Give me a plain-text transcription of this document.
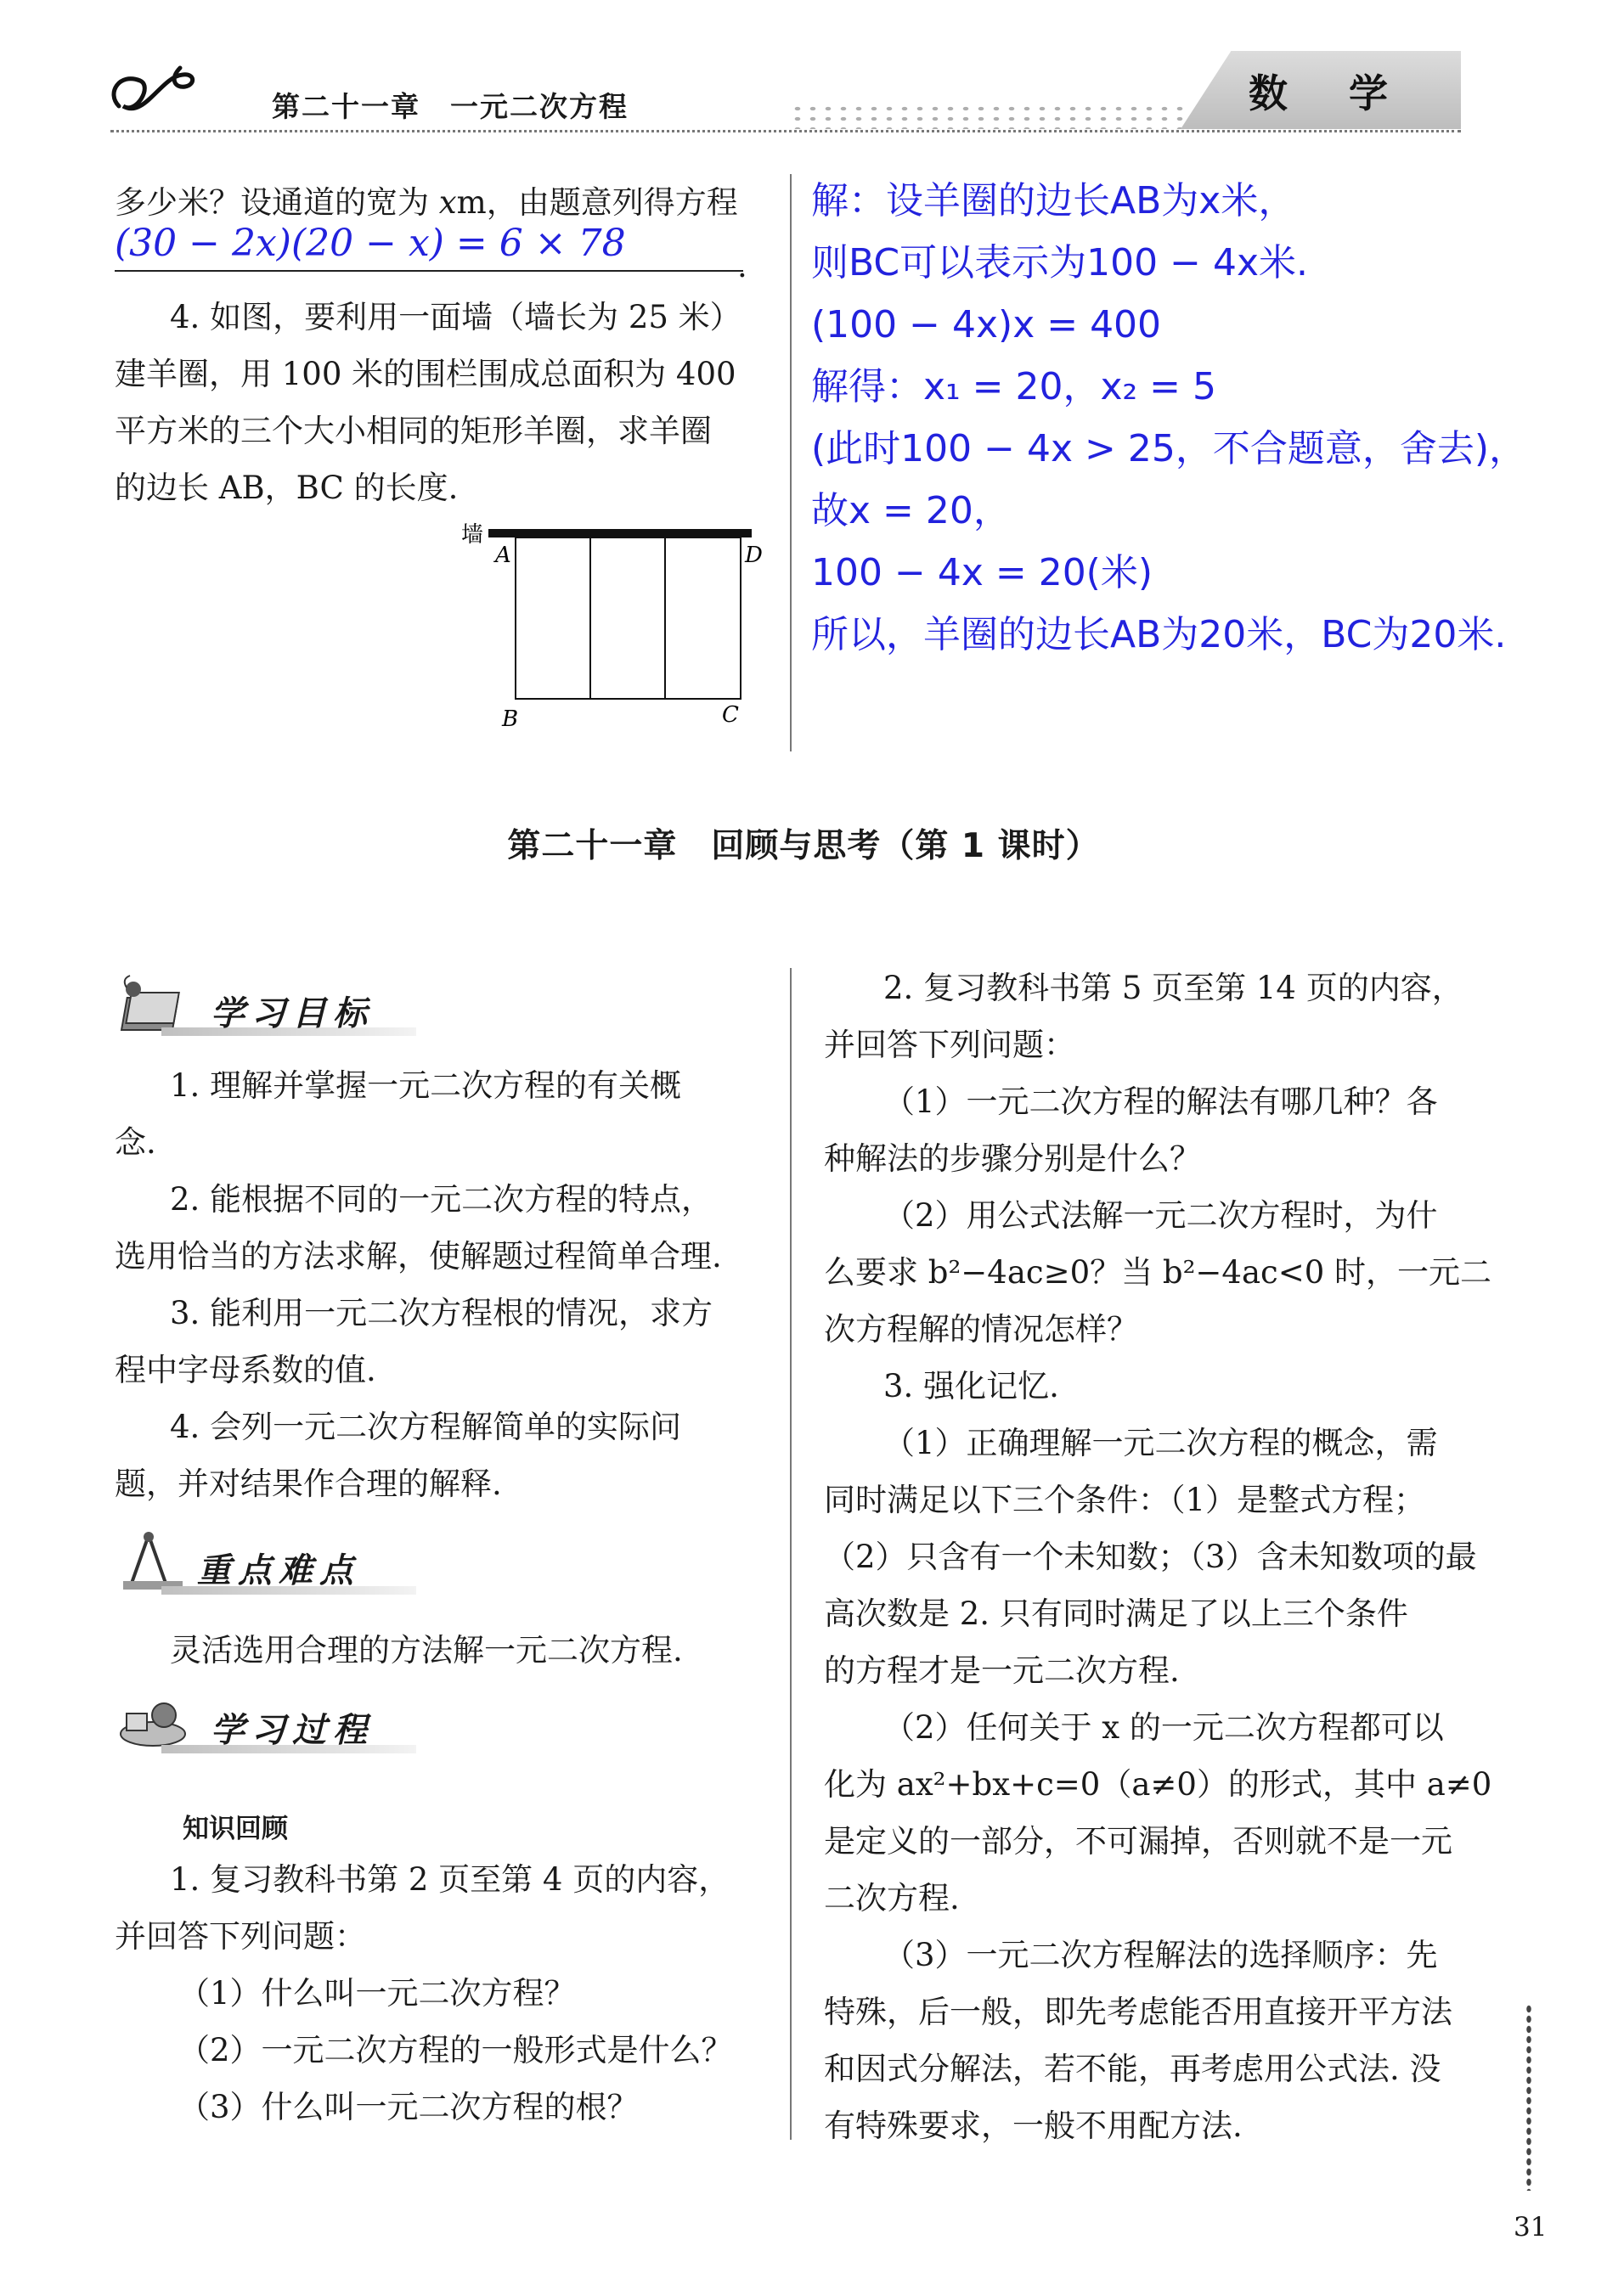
第二十一章　一元二次方程	数 学
多少米？设通道的宽为 xm，由题意列得方程
(30 − 2x)(20 − x) = 6 × 78
.
4. 如图，要利用一面墙（墙长为 25 米）
建羊圈，用 100 米的围栏围成总面积为 400
平方米的三个大小相同的矩形羊圈，求羊圈
的边长 AB，BC 的长度.
墙
A	D
B	C
解：设羊圈的边长AB为x米，
则BC可以表示为100 − 4x米.
(100 − 4x)x = 400
解得：x₁ = 20，x₂ = 5
(此时100 − 4x > 25，不合题意，舍去)，
故x = 20，
100 − 4x = 20(米)
所以，羊圈的边长AB为20米，BC为20米.
第二十一章　回顾与思考（第 1 课时）
学习目标
1. 理解并掌握一元二次方程的有关概
念.
2. 能根据不同的一元二次方程的特点，
选用恰当的方法求解，使解题过程简单合理.
3. 能利用一元二次方程根的情况，求方
程中字母系数的值.
4. 会列一元二次方程解简单的实际问
题，并对结果作合理的解释.
重点难点
灵活选用合理的方法解一元二次方程.
学习过程
知识回顾
1. 复习教科书第 2 页至第 4 页的内容，
并回答下列问题：
（1）什么叫一元二次方程？
（2）一元二次方程的一般形式是什么？
（3）什么叫一元二次方程的根？
2. 复习教科书第 5 页至第 14 页的内容，
并回答下列问题：
（1）一元二次方程的解法有哪几种？各
种解法的步骤分别是什么？
（2）用公式法解一元二次方程时，为什
么要求 b²−4ac≥0？当 b²−4ac<0 时，一元二
次方程解的情况怎样？
3. 强化记忆.
（1）正确理解一元二次方程的概念，需
同时满足以下三个条件：（1）是整式方程；
（2）只含有一个未知数；（3）含未知数项的最
高次数是 2. 只有同时满足了以上三个条件
的方程才是一元二次方程.
（2）任何关于 x 的一元二次方程都可以
化为 ax²+bx+c=0（a≠0）的形式，其中 a≠0
是定义的一部分，不可漏掉，否则就不是一元
二次方程.
（3）一元二次方程解法的选择顺序：先
特殊，后一般，即先考虑能否用直接开平方法
和因式分解法，若不能，再考虑用公式法. 没
有特殊要求，一般不用配方法.
31
